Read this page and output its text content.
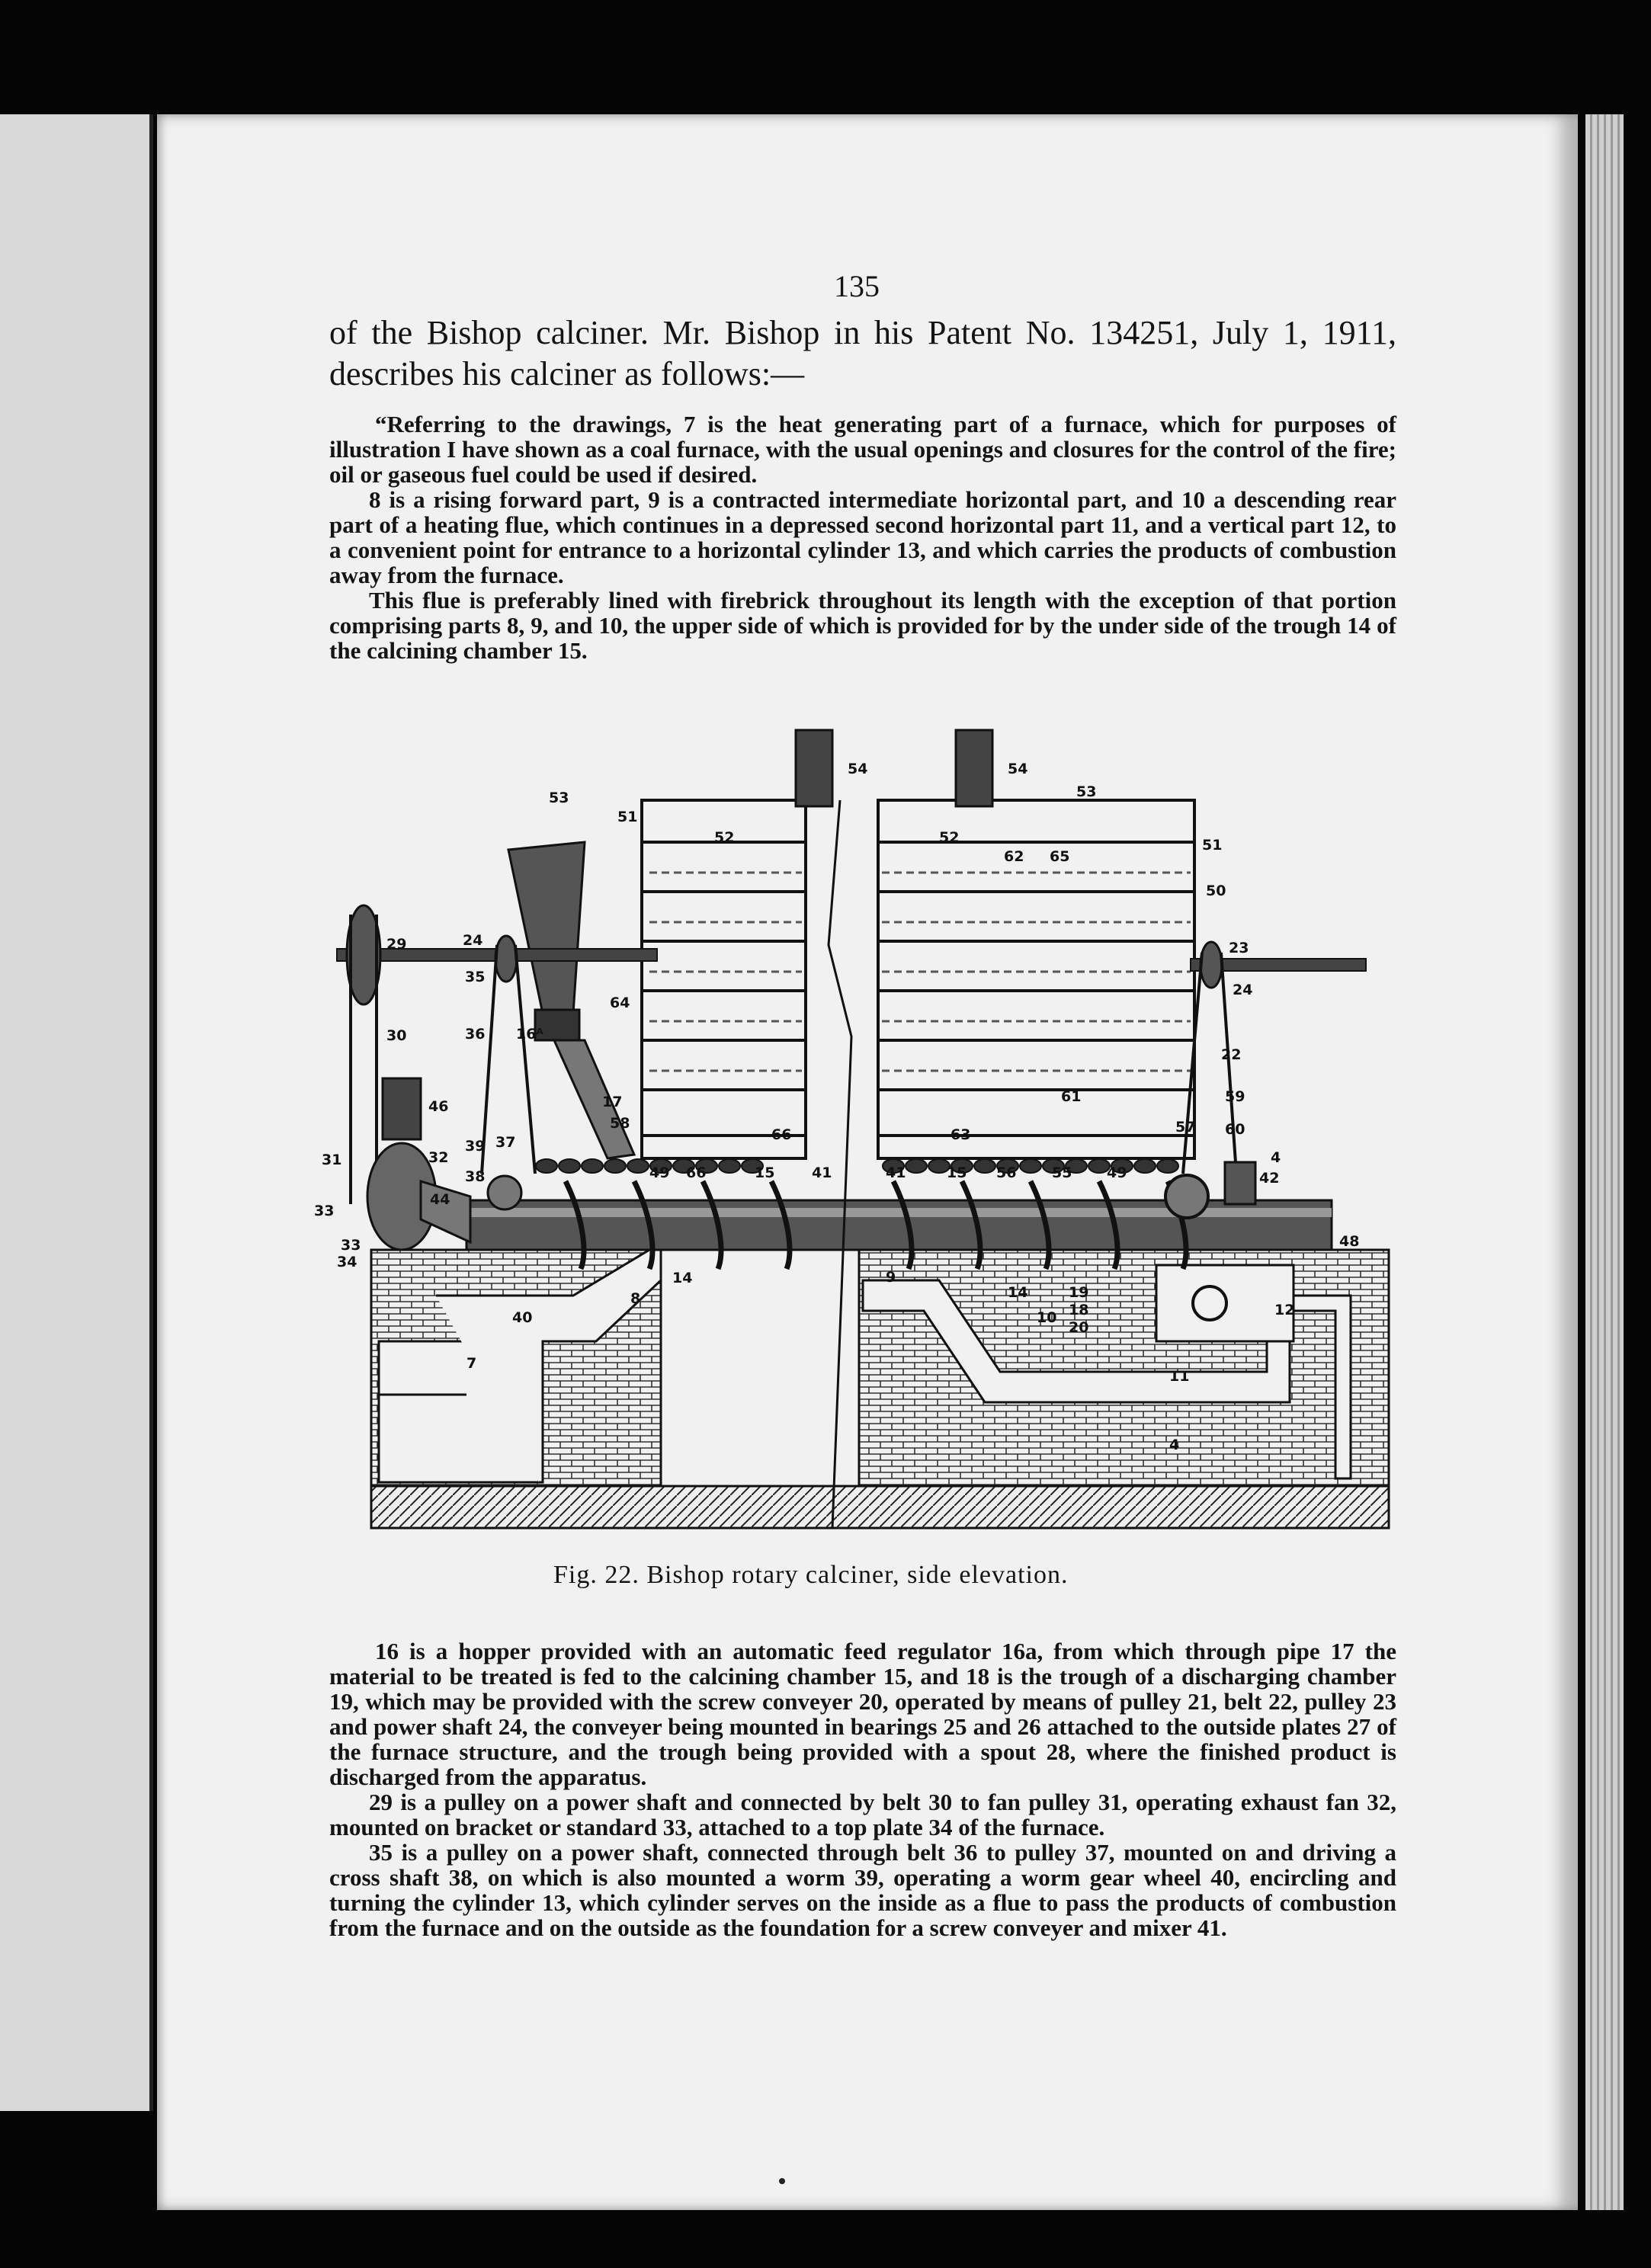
135
of the Bishop calciner. Mr. Bishop in his Patent No. 134251, July 1, 1911, describes his calciner as follows:—

“Referring to the drawings, 7 is the heat generating part of a furnace, which for purposes of illustration I have shown as a coal furnace, with the usual openings and closures for the control of the fire; oil or gaseous fuel could be used if desired.

8 is a rising forward part, 9 is a contracted intermediate horizontal part, and 10 a descending rear part of a heating flue, which continues in a depressed second horizontal part 11, and a vertical part 12, to a convenient point for entrance to a horizontal cylinder 13, and which carries the products of combustion away from the furnace.

This flue is preferably lined with firebrick throughout its length with the exception of that portion comprising parts 8, 9, and 10, the upper side of which is provided for by the under side of the trough 14 of the calcining chamber 15.

53
54	54
53
51
52	52
62 65
51
50
29	24
35
23
24
30	36 16ᴬ
64
22
46	17
58
61	59
57 60
66	63
31	32
39 37
4
38	49 66	15	41	41	15 56 55 49	42
33
44
48
33
34
14	9
14	19
8
18
10
20
12
40
7
11
4
Fig. 22. Bishop rotary calciner, side elevation.

16 is a hopper provided with an automatic feed regulator 16a, from which through pipe 17 the material to be treated is fed to the calcining chamber 15, and 18 is the trough of a discharging chamber 19, which may be provided with the screw conveyer 20, operated by means of pulley 21, belt 22, pulley 23 and power shaft 24, the conveyer being mounted in bearings 25 and 26 attached to the outside plates 27 of the furnace structure, and the trough being provided with a spout 28, where the finished product is discharged from the apparatus.

29 is a pulley on a power shaft and connected by belt 30 to fan pulley 31, operating exhaust fan 32, mounted on bracket or standard 33, attached to a top plate 34 of the furnace.

35 is a pulley on a power shaft, connected through belt 36 to pulley 37, mounted on and driving a cross shaft 38, on which is also mounted a worm 39, operating a worm gear wheel 40, encircling and turning the cylinder 13, which cylinder serves on the inside as a flue to pass the products of combustion from the furnace and on the outside as the foundation for a screw conveyer and mixer 41.
